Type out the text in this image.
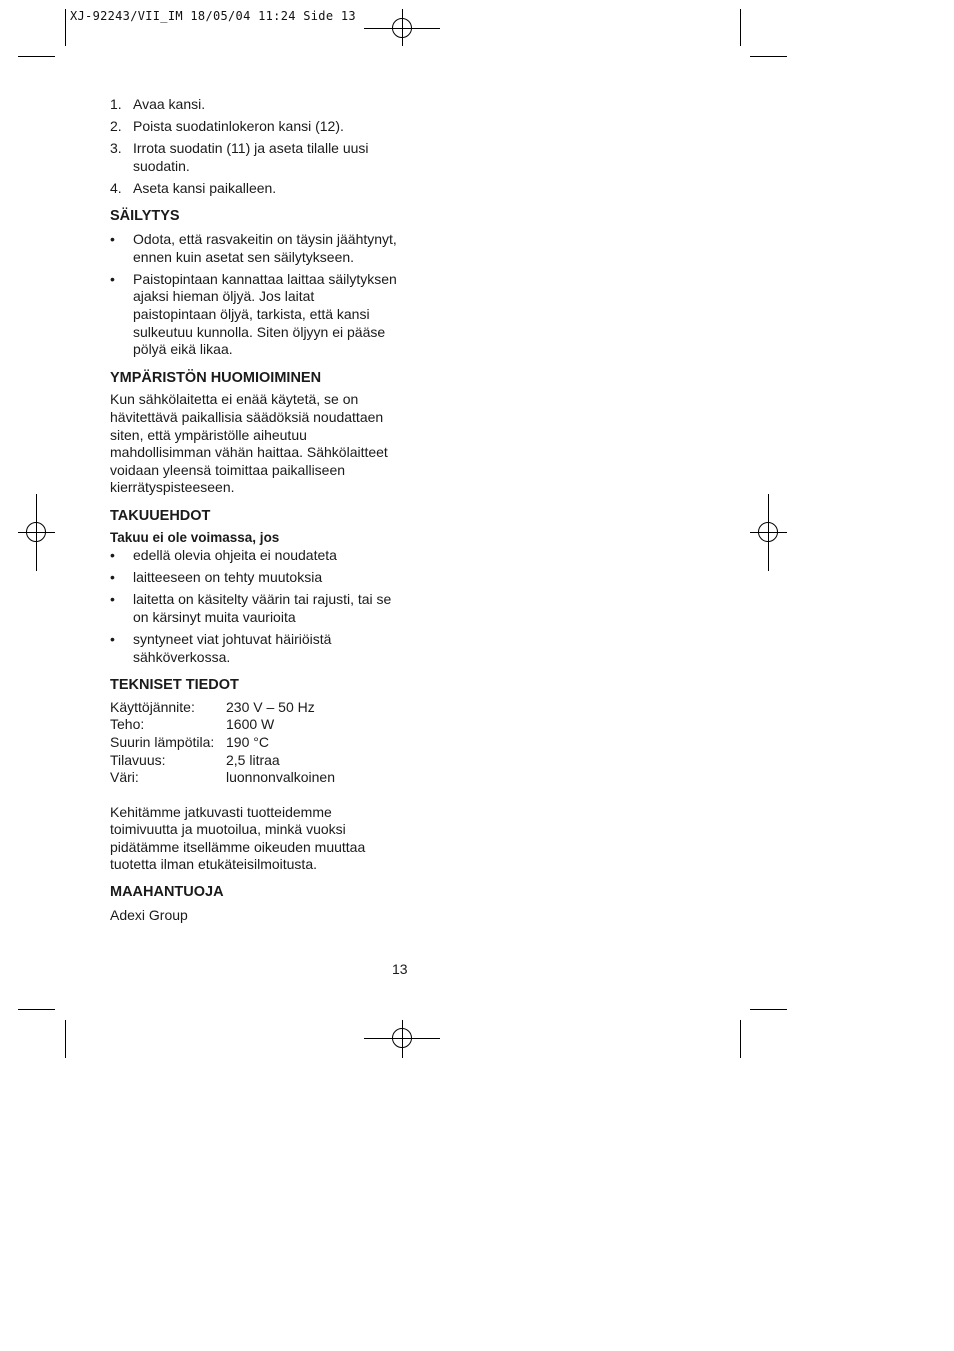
XJ-92243/VII_IM 18/05/04 11:24 Side 13
1. Avaa kansi.
2. Poista suodatinlokeron kansi (12).
3. Irrota suodatin (11) ja aseta tilalle uusi suodatin.
4. Aseta kansi paikalleen.
SÄILYTYS
•	Odota, että rasvakeitin on täysin jäähtynyt, ennen kuin asetat sen säilytykseen.
•	Paistopintaan kannattaa laittaa säilytyksen ajaksi hieman öljyä. Jos laitat paistopintaan öljyä, tarkista, että kansi sulkeutuu kunnolla. Siten öljyyn ei pääse pölyä eikä likaa.
YMPÄRISTÖN HUOMIOIMINEN

Kun sähkölaitetta ei enää käytetä, se on hävitettävä paikallisia säädöksiä noudattaen siten, että ympäristölle aiheutuu mahdollisimman vähän haittaa. Sähkölaitteet voidaan yleensä toimittaa paikalliseen kierrätyspisteeseen.

TAKUUEHDOT
Takuu ei ole voimassa, jos
•	edellä olevia ohjeita ei noudateta
•	laitteeseen on tehty muutoksia
•	laitetta on käsitelty väärin tai rajusti, tai se on kärsinyt muita vaurioita
•	syntyneet viat johtuvat häiriöistä sähköverkossa.
TEKNISET TIEDOT
Käyttöjännite:	230 V – 50 Hz
Teho:	1600 W
Suurin lämpötila: 190 °C
Tilavuus:	2,5 litraa
Väri:	luonnonvalkoinen

Kehitämme jatkuvasti tuotteidemme toimivuutta ja muotoilua, minkä vuoksi pidätämme itsellämme oikeuden muuttaa tuotetta ilman etukäteisilmoitusta.

MAAHANTUOJA

Adexi Group

13
